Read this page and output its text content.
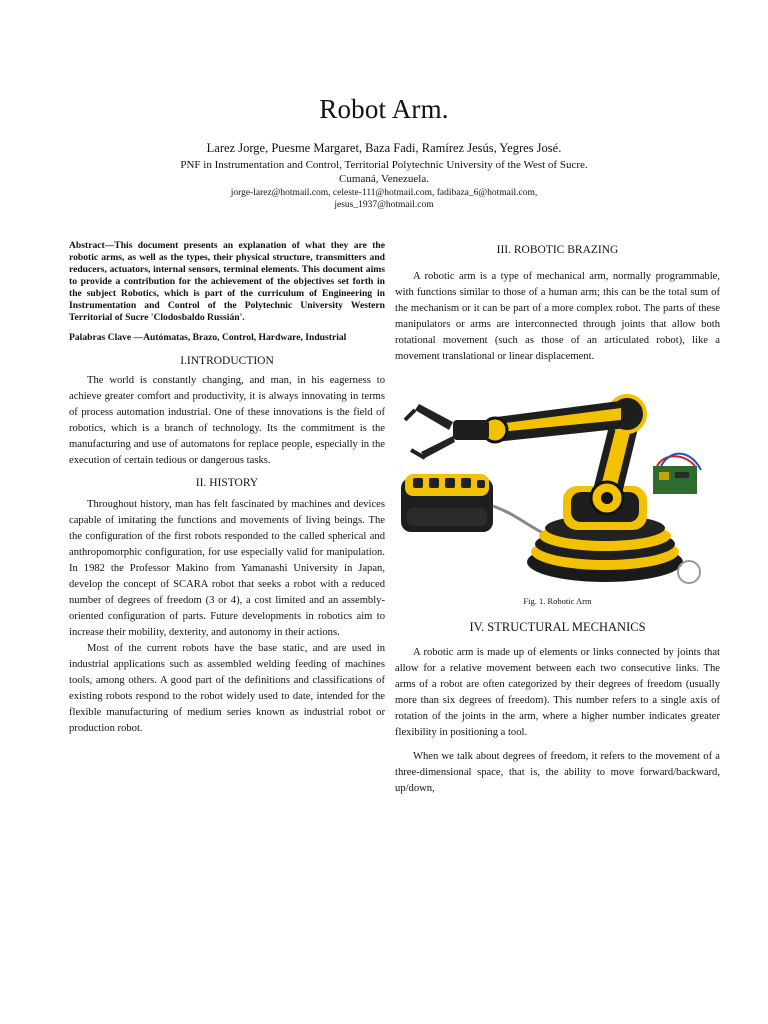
Robot Arm.
Larez Jorge, Puesme Margaret, Baza Fadi, Ramírez Jesús, Yegres José.
PNF in Instrumentation and Control, Territorial Polytechnic University of the West of Sucre.
Cumaná, Venezuela.
jorge-larez@hotmail.com, celeste-111@hotmail.com, fadibaza_6@hotmail.com,
jesus_1937@hotmail.com

Abstract—This document presents an explanation of what they are the robotic arms, as well as the types, their physical structure, transmitters and reducers, actuators, internal sensors, terminal elements. This document aims to provide a contribution for the achievement of the objectives set forth in the subject Robotics, which is part of the curriculum of Engineering in Instrumentation and Control of the Polytechnic University Western Territorial of Sucre 'Clodosbaldo Russián'.

Palabras Clave —Autómatas, Brazo, Control, Hardware, Industrial

I.INTRODUCTION

The world is constantly changing, and man, in his eagerness to achieve greater comfort and productivity, it is always innovating in terms of process automation industrial. One of these innovations is the field of robotics, which is a branch of technology. Its the commitment is the manufacturing and use of automatons for replace people, especially in the execution of certain tedious or dangerous tasks.

II. HISTORY

Throughout history, man has felt fascinated by machines and devices capable of imitating the functions and movements of living beings. The the configuration of the first robots responded to the called spherical and anthropomorphic configuration, for use especially valid for manipulation. In 1982 the Professor Makino from Yamanashi University in Japan, develop the concept of SCARA robot that seeks a robot with a reduced number of degrees of freedom (3 or 4), a cost limited and an assembly-oriented configuration of parts. Future developments in robotics aim to increase their mobility, dexterity, and autonomy in their actions.

Most of the current robots have the base static, and are used in industrial applications such as assembled welding feeding of machines tools, among others. A good part of the definitions and classifications of existing robots respond to the robot widely used to date, intended for the flexible manufacturing of medium series known as industrial robot or production robot.

III. ROBOTIC BRAZING

A robotic arm is a type of mechanical arm, normally programmable, with functions similar to those of a human arm; this can be the total sum of the mechanism or it can be part of a more complex robot. The parts of these manipulators or arms are interconnected through joints that allow both rotational movement (such as those of an articulated robot), like a movement translational or linear displacement.

Fig. 1. Robotic Arm

IV. STRUCTURAL MECHANICS

A robotic arm is made up of elements or links connected by joints that allow for a relative movement between each two consecutive links. The arms of a robot are often categorized by their degrees of freedom (usually more than six degrees of freedom). This number refers to a single axis of rotation of the joints in the arm, where a higher number indicates greater flexibility in positioning a tool.

When we talk about degrees of freedom, it refers to the movement of a three-dimensional space, that is, the ability to move forward/backward, up/down,
